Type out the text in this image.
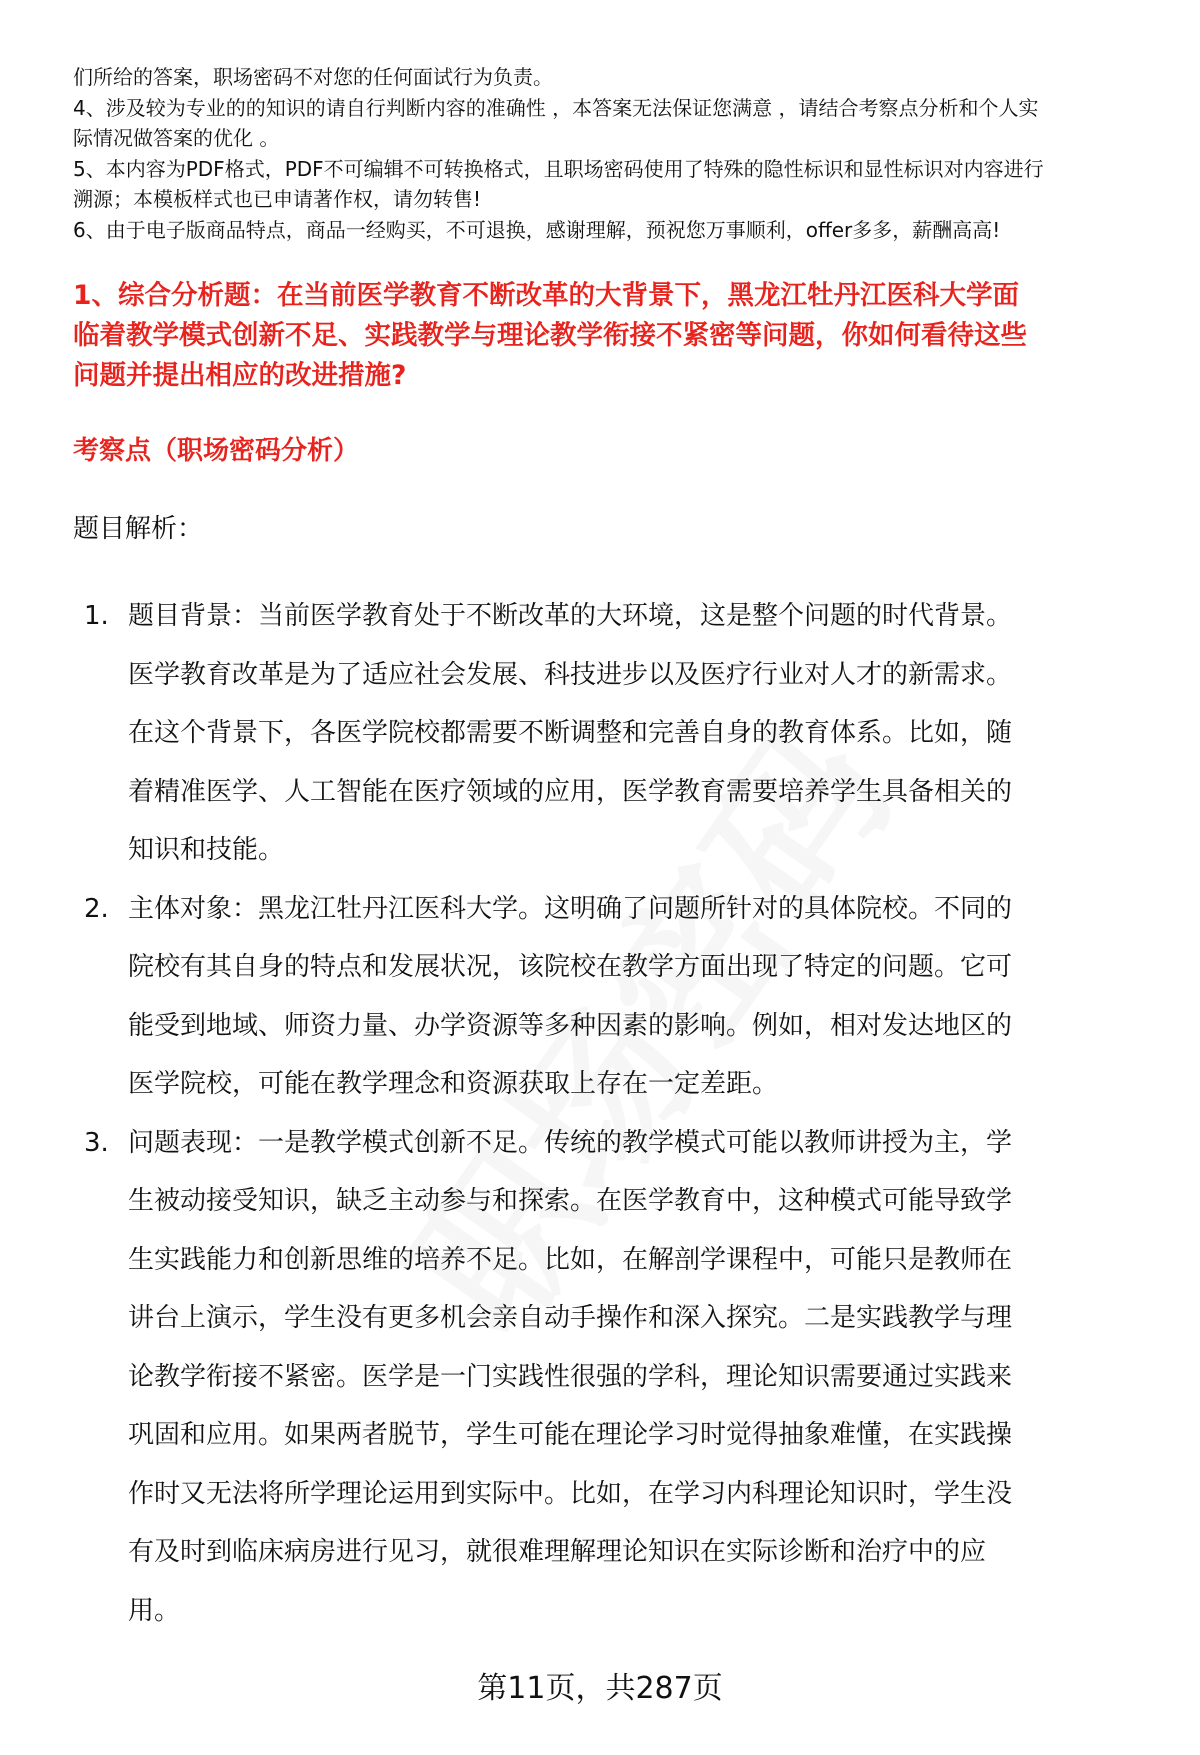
们所给的答案，职场密码不对您的任何面试行为负责。
4、涉及较为专业的的知识的请自行判断内容的准确性 ，本答案无法保证您满意 ，请结合考察点分析和个人实
际情况做答案的优化 。
5、本内容为PDF格式，PDF不可编辑不可转换格式，且职场密码使用了特殊的隐性标识和显性标识对内容进行
溯源；本模板样式也已申请著作权，请勿转售!
6、由于电子版商品特点，商品一经购买，不可退换，感谢理解，预祝您万事顺利，offer多多，薪酬高高!
1、综合分析题：在当前医学教育不断改革的大背景下，黑龙江牡丹江医科大学面
临着教学模式创新不足、实践教学与理论教学衔接不紧密等问题，你如何看待这些
问题并提出相应的改进措施?
考察点（职场密码分析）
题目解析：
1. 题目背景：当前医学教育处于不断改革的大环境，这是整个问题的时代背景。
医学教育改革是为了适应社会发展、科技进步以及医疗行业对人才的新需求。
在这个背景下，各医学院校都需要不断调整和完善自身的教育体系。比如，随
着精准医学、人工智能在医疗领域的应用，医学教育需要培养学生具备相关的
知识和技能。
2. 主体对象：黑龙江牡丹江医科大学。这明确了问题所针对的具体院校。不同的
院校有其自身的特点和发展状况，该院校在教学方面出现了特定的问题。它可
能受到地域、师资力量、办学资源等多种因素的影响。例如，相对发达地区的
医学院校，可能在教学理念和资源获取上存在一定差距。
3. 问题表现：一是教学模式创新不足。传统的教学模式可能以教师讲授为主，学
生被动接受知识，缺乏主动参与和探索。在医学教育中，这种模式可能导致学
生实践能力和创新思维的培养不足。比如，在解剖学课程中，可能只是教师在
讲台上演示，学生没有更多机会亲自动手操作和深入探究。二是实践教学与理
论教学衔接不紧密。医学是一门实践性很强的学科，理论知识需要通过实践来
巩固和应用。如果两者脱节，学生可能在理论学习时觉得抽象难懂，在实践操
作时又无法将所学理论运用到实际中。比如，在学习内科理论知识时，学生没
有及时到临床病房进行见习，就很难理解理论知识在实际诊断和治疗中的应
用。
第11页，共287页
